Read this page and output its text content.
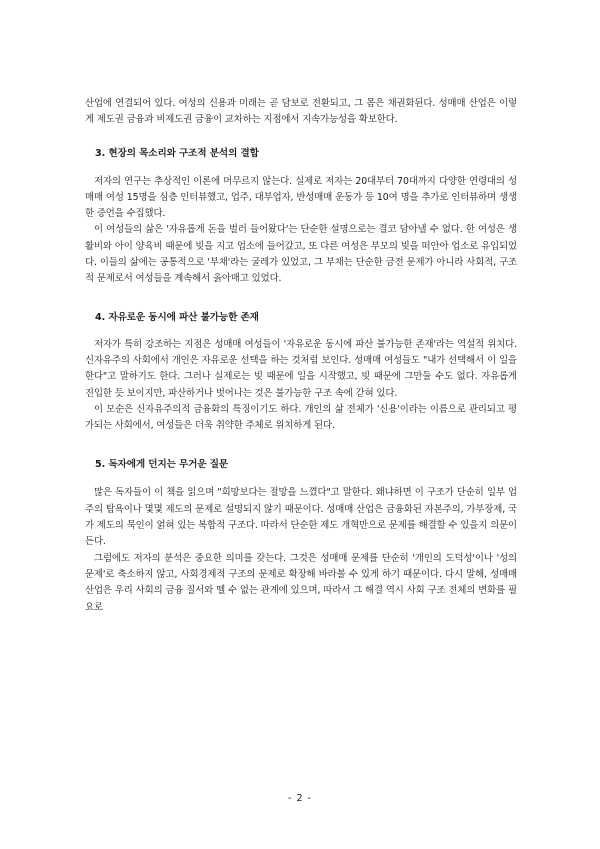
산업에 연결되어 있다. 여성의 신용과 미래는 곧 담보로 전환되고, 그 몸은 채권화된다. 성매매 산업은 이렇게 제도권 금융과 비제도권 금융이 교차하는 지점에서 지속가능성을 확보한다.

3. 현장의 목소리와 구조적 분석의 결합

저자의 연구는 추상적인 이론에 머무르지 않는다. 실제로 저자는 20대부터 70대까지 다양한 연령대의 성매매 여성 15명을 심층 인터뷰했고, 업주, 대부업자, 반성매매 운동가 등 10여 명을 추가로 인터뷰하며 생생한 증언을 수집했다.

이 여성들의 삶은 '자유롭게 돈을 벌러 들어왔다'는 단순한 설명으로는 결코 담아낼 수 없다. 한 여성은 생활비와 아이 양육비 때문에 빚을 지고 업소에 들어갔고, 또 다른 여성은 부모의 빚을 떠안아 업소로 유입되었다. 이들의 삶에는 공통적으로 '부채'라는 굴레가 있었고, 그 부채는 단순한 금전 문제가 아니라 사회적, 구조적 문제로서 여성들을 계속해서 옭아매고 있었다.

4. 자유로운 동시에 파산 불가능한 존재

저자가 특히 강조하는 지점은 성매매 여성들이 '자유로운 동시에 파산 불가능한 존재'라는 역설적 위치다. 신자유주의 사회에서 개인은 자유로운 선택을 하는 것처럼 보인다. 성매매 여성들도 "내가 선택해서 이 일을 한다"고 말하기도 한다. 그러나 실제로는 빚 때문에 일을 시작했고, 빚 때문에 그만둘 수도 없다. 자유롭게 진입한 듯 보이지만, 파산하거나 벗어나는 것은 불가능한 구조 속에 갇혀 있다.

이 모순은 신자유주의적 금융화의 특징이기도 하다. 개인의 삶 전체가 '신용'이라는 이름으로 관리되고 평가되는 사회에서, 여성들은 더욱 취약한 주체로 위치하게 된다.

5. 독자에게 던지는 무거운 질문

많은 독자들이 이 책을 읽으며 "희망보다는 절망을 느꼈다"고 말한다. 왜냐하면 이 구조가 단순히 일부 업주의 탐욕이나 몇몇 제도의 문제로 설명되지 않기 때문이다. 성매매 산업은 금융화된 자본주의, 가부장제, 국가 제도의 묵인이 얽혀 있는 복합적 구조다. 따라서 단순한 제도 개혁만으로 문제를 해결할 수 있을지 의문이 든다.

그럼에도 저자의 분석은 중요한 의미를 갖는다. 그것은 성매매 문제를 단순히 '개인의 도덕성'이나 '성의 문제'로 축소하지 않고, 사회경제적 구조의 문제로 확장해 바라볼 수 있게 하기 때문이다. 다시 말해, 성매매 산업은 우리 사회의 금융 질서와 뗄 수 없는 관계에 있으며, 따라서 그 해결 역시 사회 구조 전체의 변화를 필요로

- 2 -
